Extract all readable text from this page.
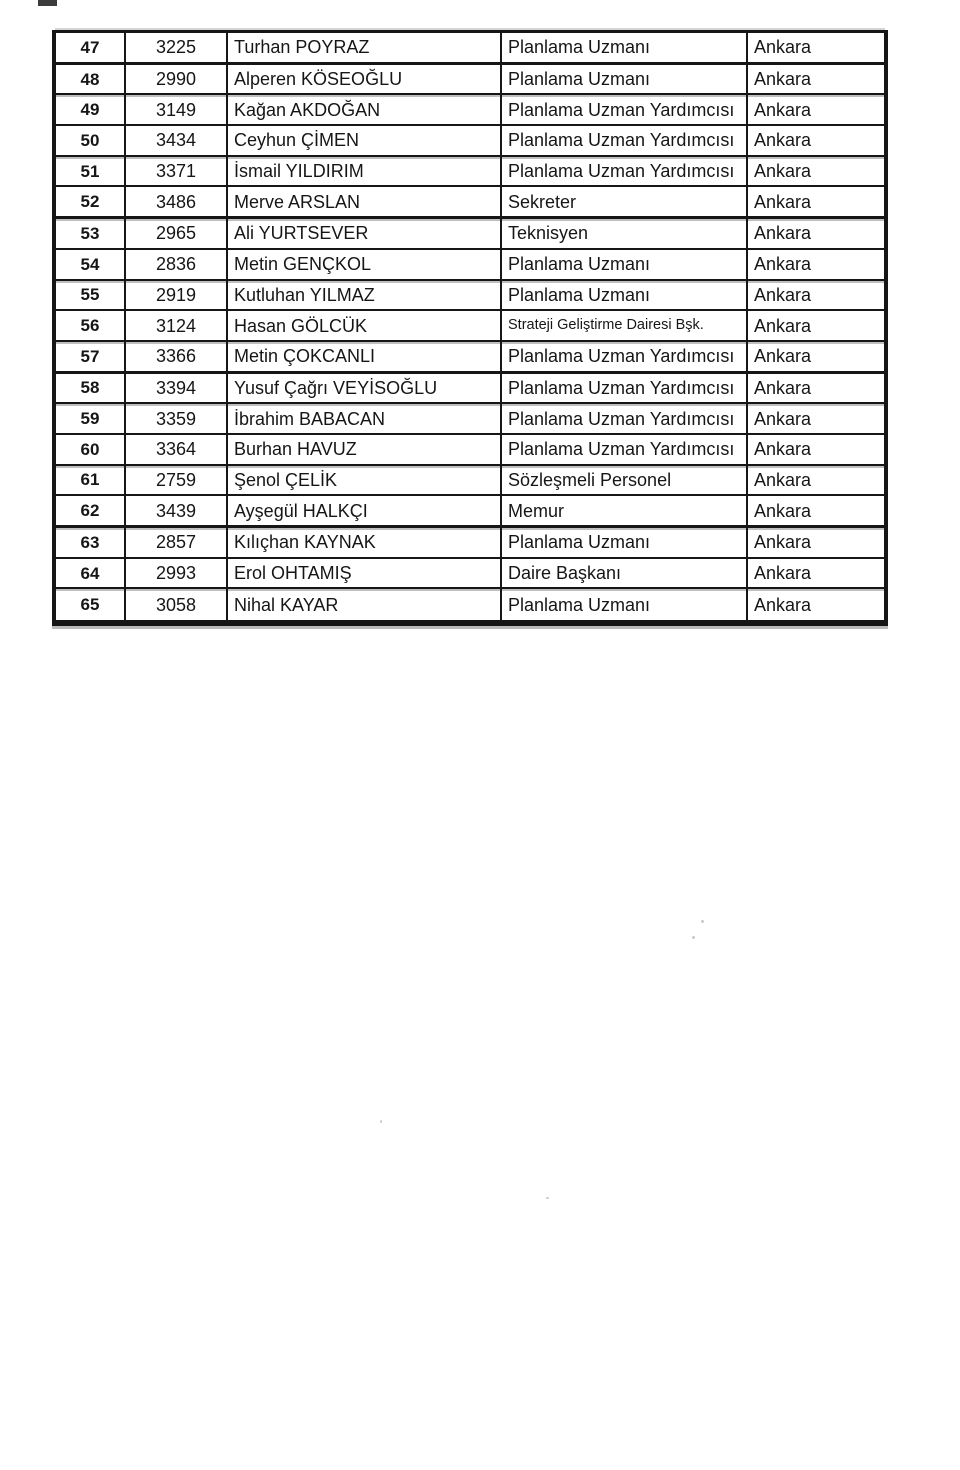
47	3225	Turhan POYRAZ	Planlama Uzmanı	Ankara
48	2990	Alperen KÖSEOĞLU	Planlama Uzmanı	Ankara
49	3149	Kağan AKDOĞAN	Planlama Uzman Yardımcısı	Ankara
50	3434	Ceyhun ÇİMEN	Planlama Uzman Yardımcısı	Ankara
51	3371	İsmail YILDIRIM	Planlama Uzman Yardımcısı	Ankara
52	3486	Merve ARSLAN	Sekreter	Ankara
53	2965	Ali YURTSEVER	Teknisyen	Ankara
54	2836	Metin GENÇKOL	Planlama Uzmanı	Ankara
55	2919	Kutluhan YILMAZ	Planlama Uzmanı	Ankara
56	3124	Hasan GÖLCÜK	Strateji Geliştirme Dairesi Bşk.	Ankara
57	3366	Metin ÇOKCANLI	Planlama Uzman Yardımcısı	Ankara
58	3394	Yusuf Çağrı VEYİSOĞLU	Planlama Uzman Yardımcısı	Ankara
59	3359	İbrahim BABACAN	Planlama Uzman Yardımcısı	Ankara
60	3364	Burhan HAVUZ	Planlama Uzman Yardımcısı	Ankara
61	2759	Şenol ÇELİK	Sözleşmeli Personel	Ankara
62	3439	Ayşegül HALKÇI	Memur	Ankara
63	2857	Kılıçhan KAYNAK	Planlama Uzmanı	Ankara
64	2993	Erol OHTAMIŞ	Daire Başkanı	Ankara
65	3058	Nihal KAYAR	Planlama Uzmanı	Ankara
